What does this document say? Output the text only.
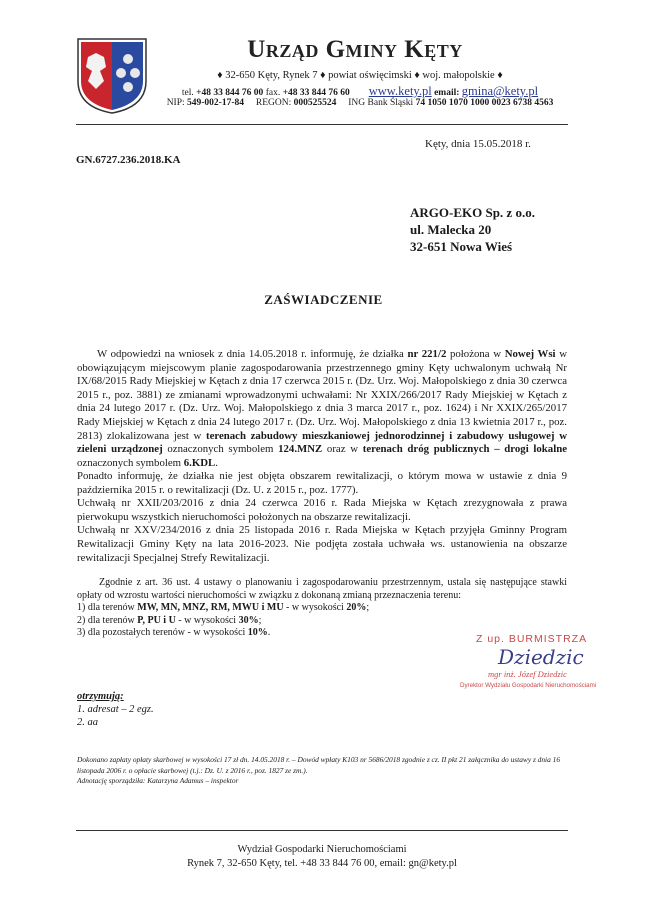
Urząd Gminy Kęty
♦ 32-650 Kęty, Rynek 7 ♦ powiat oświęcimski ♦ woj. małopolskie ♦
tel. +48 33 844 76 00 fax. +48 33 844 76 60 www.kety.pl email: gmina@kety.pl
NIP: 549-002-17-84 REGON: 000525524 ING Bank Śląski 74 1050 1070 1000 0023 6738 4563
Kęty, dnia 15.05.2018 r.
GN.6727.236.2018.KA
ARGO-EKO Sp. z o.o.
ul. Malecka 20
32-651 Nowa Wieś
ZAŚWIADCZENIE
W odpowiedzi na wniosek z dnia 14.05.2018 r. informuję, że działka nr 221/2 położona w Nowej Wsi w obowiązującym miejscowym planie zagospodarowania przestrzennego gminy Kęty uchwalonym uchwałą Nr IX/68/2015 Rady Miejskiej w Kętach z dnia 17 czerwca 2015 r. (Dz. Urz. Woj. Małopolskiego z dnia 30 czerwca 2015 r., poz. 3881) ze zmianami wprowadzonymi uchwałami: Nr XXIX/266/2017 Rady Miejskiej w Kętach z dnia 24 lutego 2017 r. (Dz. Urz. Woj. Małopolskiego z dnia 3 marca 2017 r., poz. 1624) i Nr XXIX/265/2017 Rady Miejskiej w Kętach z dnia 24 lutego 2017 r. (Dz. Urz. Woj. Małopolskiego z dnia 13 kwietnia 2017 r., poz. 2813) zlokalizowana jest w terenach zabudowy mieszkaniowej jednorodzinnej i zabudowy usługowej w zieleni urządzonej oznaczonych symbolem 124.MNZ oraz w terenach dróg publicznych – drogi lokalne oznaczonych symbolem 6.KDL.
Ponadto informuję, że działka nie jest objęta obszarem rewitalizacji, o którym mowa w ustawie z dnia 9 października 2015 r. o rewitalizacji (Dz. U. z 2015 r., poz. 1777).
Uchwałą nr XXII/203/2016 z dnia 24 czerwca 2016 r. Rada Miejska w Kętach zrezygnowała z prawa pierwokupu wszystkich nieruchomości położonych na obszarze rewitalizacji.
Uchwałą nr XXV/234/2016 z dnia 25 listopada 2016 r. Rada Miejska w Kętach przyjęła Gminny Program Rewitalizacji Gminy Kęty na lata 2016-2023. Nie podjęta została uchwała ws. ustanowienia na obszarze rewitalizacji Specjalnej Strefy Rewitalizacji.
Zgodnie z art. 36 ust. 4 ustawy o planowaniu i zagospodarowaniu przestrzennym, ustala się następujące stawki opłaty od wzrostu wartości nieruchomości w związku z dokonaną zmianą przeznaczenia terenu:
1) dla terenów MW, MN, MNZ, RM, MWU i MU - w wysokości 20%;
2) dla terenów P, PU i U - w wysokości 30%;
3) dla pozostałych terenów - w wysokości 10%.
Z up. BURMISTRZA
Dziedzic
mgr inż. Józef Dziedzic
Dyrektor Wydziału Gospodarki Nieruchomościami
otrzymują:
1. adresat – 2 egz.
2. aa
Dokonano zapłaty opłaty skarbowej w wysokości 17 zł dn. 14.05.2018 r. – Dowód wpłaty K103 nr 5686/2018 zgodnie z cz. II pkt 21 załącznika do ustawy z dnia 16 listopada 2006 r. o opłacie skarbowej (t.j.: Dz. U. z 2016 r., poz. 1827 ze zm.).
Adnotację sporządziła: Katarzyna Adamus – inspektor
Wydział Gospodarki Nieruchomościami
Rynek 7, 32-650 Kęty, tel. +48 33 844 76 00, email: gn@kety.pl
